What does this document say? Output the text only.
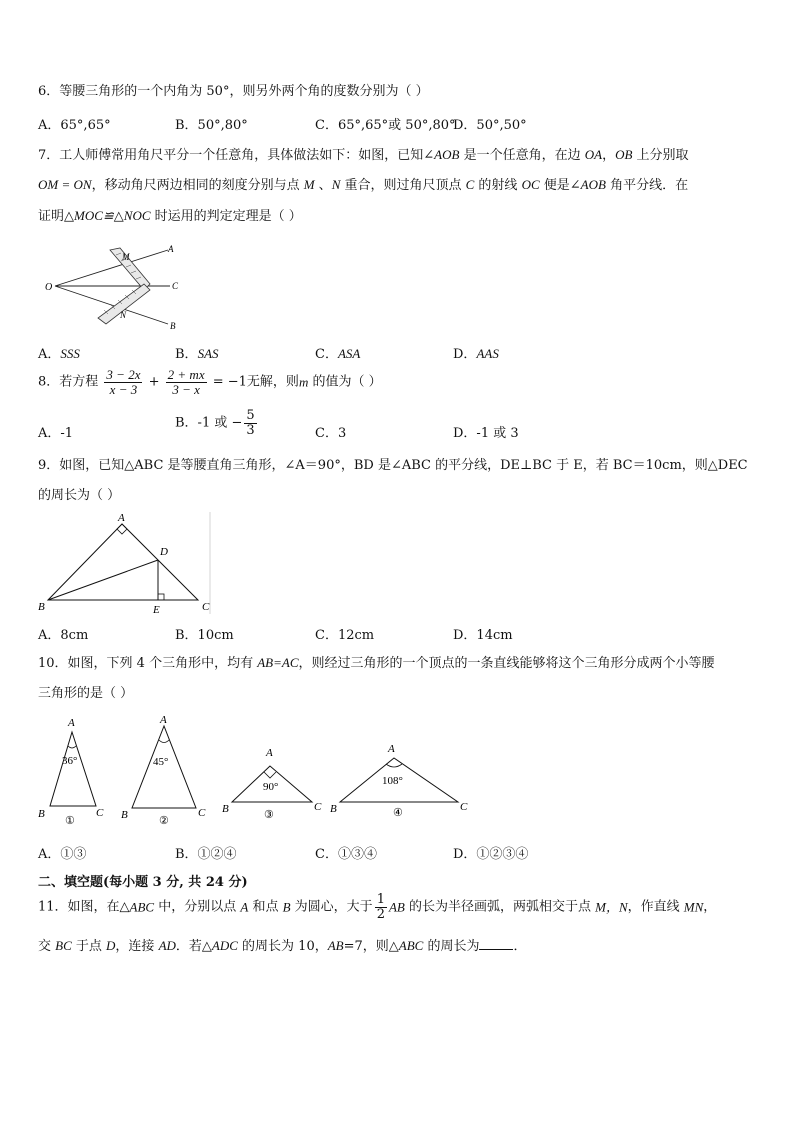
6．等腰三角形的一个内角为 50°，则另外两个角的度数分别为（ ）
A．65°,65°	B．50°,80°	C．65°,65°或 50°,80°
D．50°,50°
7．工人师傅常用角尺平分一个任意角，具体做法如下：如图，已知∠AOB 是一个任意角，在边 OA，OB 上分别取
OM = ON，移动角尺两边相同的刻度分别与点 M 、N 重合，则过角尺顶点 C 的射线 OC 便是∠AOB 角平分线．在
证明△MOC≌△NOC 时运用的判定定理是（ ）
O
A
B
C
M
N
A．SSS	B．SAS	C．ASA	D．AAS
8．若方程 $\frac{3 - 2x}{x - 3} + \frac{2 + mx}{3 - x} = -1$无解，则m 的值为（ ）
A．-1
B．-1 或 − $\frac{5}{3}$	C．3	D．-1 或 3
9．如图，已知△ABC 是等腰直角三角形，∠A＝90°，BD 是∠ABC 的平分线，DE⊥BC 于 E，若 BC＝10cm，则△DEC
的周长为（ ）
A
B	C
D
E
A．8cm	B．10cm	C．12cm	D．14cm
10．如图，下列 4 个三角形中，均有 AB=AC，则经过三角形的一个顶点的一条直线能够将这个三角形分成两个小等腰
三角形的是（ ）
A
B	C
36°
①
A
B	C
45°
②
A
B	C
90°
③
A
B	C
108°
④
A．①③	B．①②④	C．①③④	D．①②③④
二、填空题(每小题 3 分, 共 24 分)
11．如图，在△ABC 中，分别以点 A 和点 B 为圆心，大于 $\frac{1}{2}$ AB 的长为半径画弧，两弧相交于点 M，N，作直线 MN，
交 BC 于点 D，连接 AD．若△ADC 的周长为 10，AB=7，则△ABC 的周长为	．
